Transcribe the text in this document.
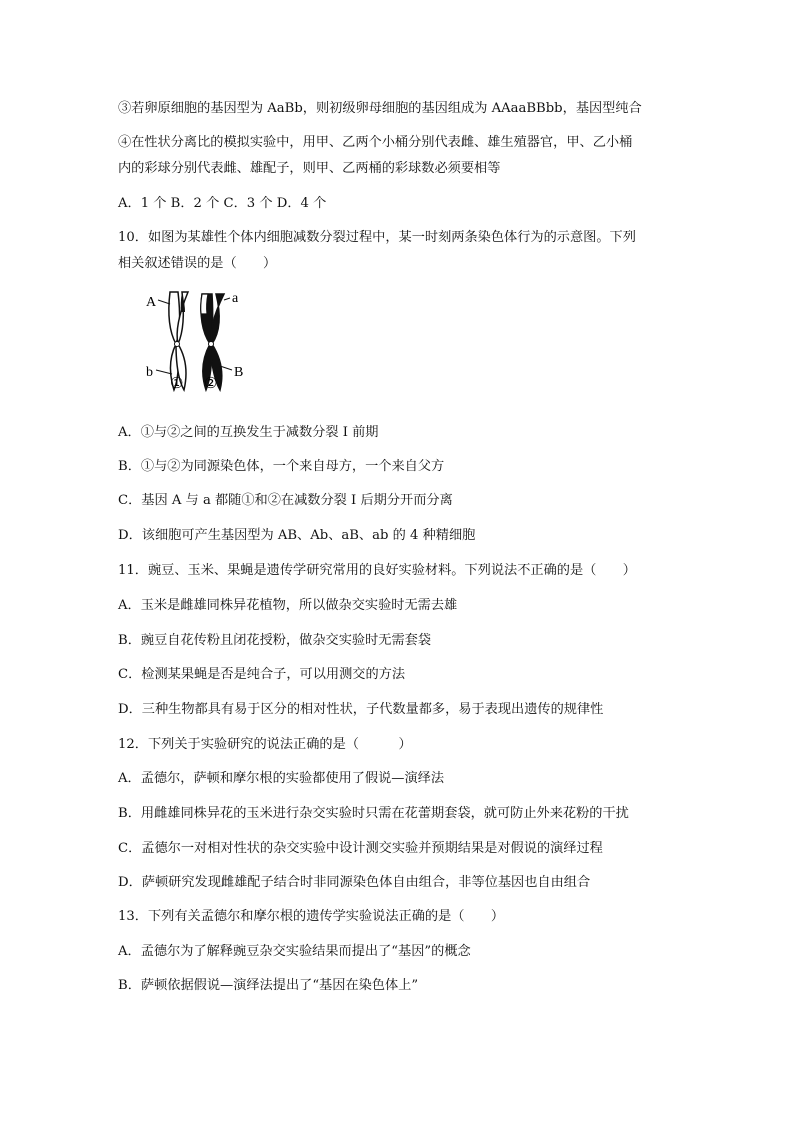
③若卵原细胞的基因型为 AaBb，则初级卵母细胞的基因组成为 AAaaBBbb，基因型纯合
④在性状分离比的模拟实验中，用甲、乙两个小桶分别代表雌、雄生殖器官，甲、乙小桶
内的彩球分别代表雌、雄配子，则甲、乙两桶的彩球数必须要相等
A．1 个 B．2 个 C．3 个 D．4 个
10．如图为某雄性个体内细胞减数分裂过程中，某一时刻两条染色体行为的示意图。下列
相关叙述错误的是（　　）
A	a
b	B
① ②
A．①与②之间的互换发生于减数分裂 I 前期
B．①与②为同源染色体，一个来自母方，一个来自父方
C．基因 A 与 a 都随①和②在减数分裂 I 后期分开而分离
D．该细胞可产生基因型为 AB、Ab、aB、ab 的 4 种精细胞
11．豌豆、玉米、果蝇是遗传学研究常用的良好实验材料。下列说法不正确的是（　　）
A．玉米是雌雄同株异花植物，所以做杂交实验时无需去雄
B．豌豆自花传粉且闭花授粉，做杂交实验时无需套袋
C．检测某果蝇是否是纯合子，可以用测交的方法
D．三种生物都具有易于区分的相对性状，子代数量都多，易于表现出遗传的规律性
12．下列关于实验研究的说法正确的是（　　　）
A．孟德尔，萨顿和摩尔根的实验都使用了假说—演绎法
B．用雌雄同株异花的玉米进行杂交实验时只需在花蕾期套袋，就可防止外来花粉的干扰
C．孟德尔一对相对性状的杂交实验中设计测交实验并预期结果是对假说的演绎过程
D．萨顿研究发现雌雄配子结合时非同源染色体自由组合，非等位基因也自由组合
13．下列有关孟德尔和摩尔根的遗传学实验说法正确的是（　　）
A．孟德尔为了解释豌豆杂交实验结果而提出了“基因”的概念
B．萨顿依据假说—演绎法提出了“基因在染色体上”
